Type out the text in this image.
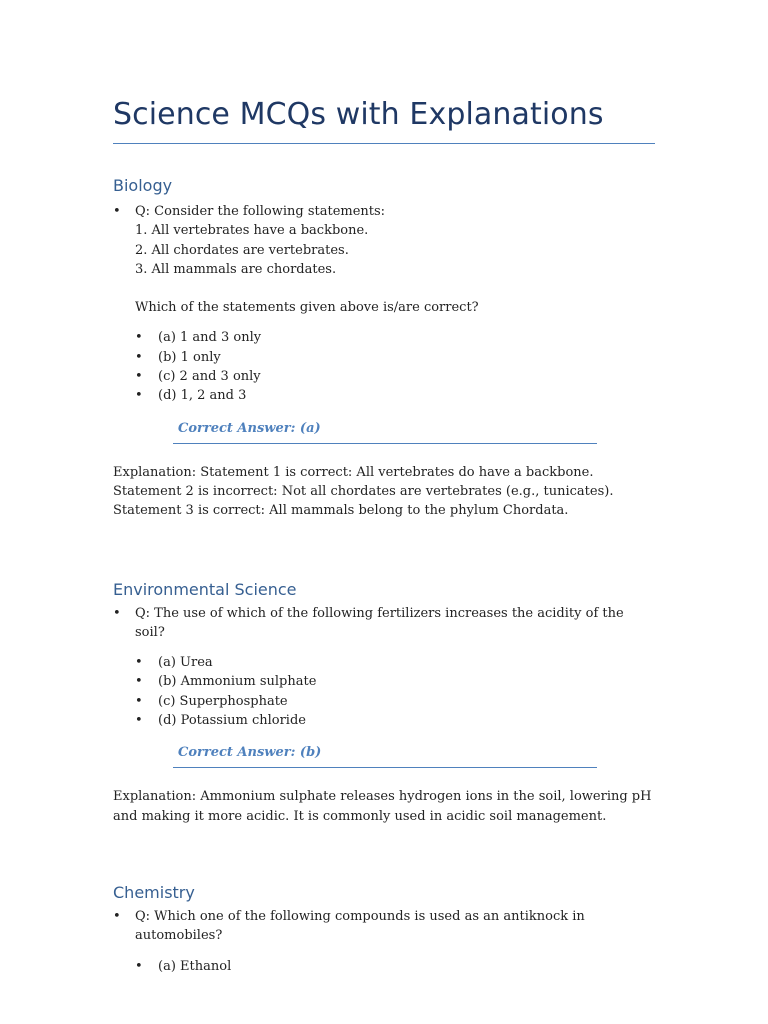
Science MCQs with Explanations
Biology
• Q: Consider the following statements:
1. All vertebrates have a backbone.
2. All chordates are vertebrates.
3. All mammals are chordates.
Which of the statements given above is/are correct?
• (a) 1 and 3 only
• (b) 1 only
• (c) 2 and 3 only
• (d) 1, 2 and 3
Correct Answer: (a)
Explanation: Statement 1 is correct: All vertebrates do have a backbone.
Statement 2 is incorrect: Not all chordates are vertebrates (e.g., tunicates).
Statement 3 is correct: All mammals belong to the phylum Chordata.
Environmental Science
• Q: The use of which of the following fertilizers increases the acidity of the soil?
• (a) Urea
• (b) Ammonium sulphate
• (c) Superphosphate
• (d) Potassium chloride
Correct Answer: (b)
Explanation: Ammonium sulphate releases hydrogen ions in the soil, lowering pH and making it more acidic. It is commonly used in acidic soil management.
Chemistry
• Q: Which one of the following compounds is used as an antiknock in automobiles?
• (a) Ethanol
